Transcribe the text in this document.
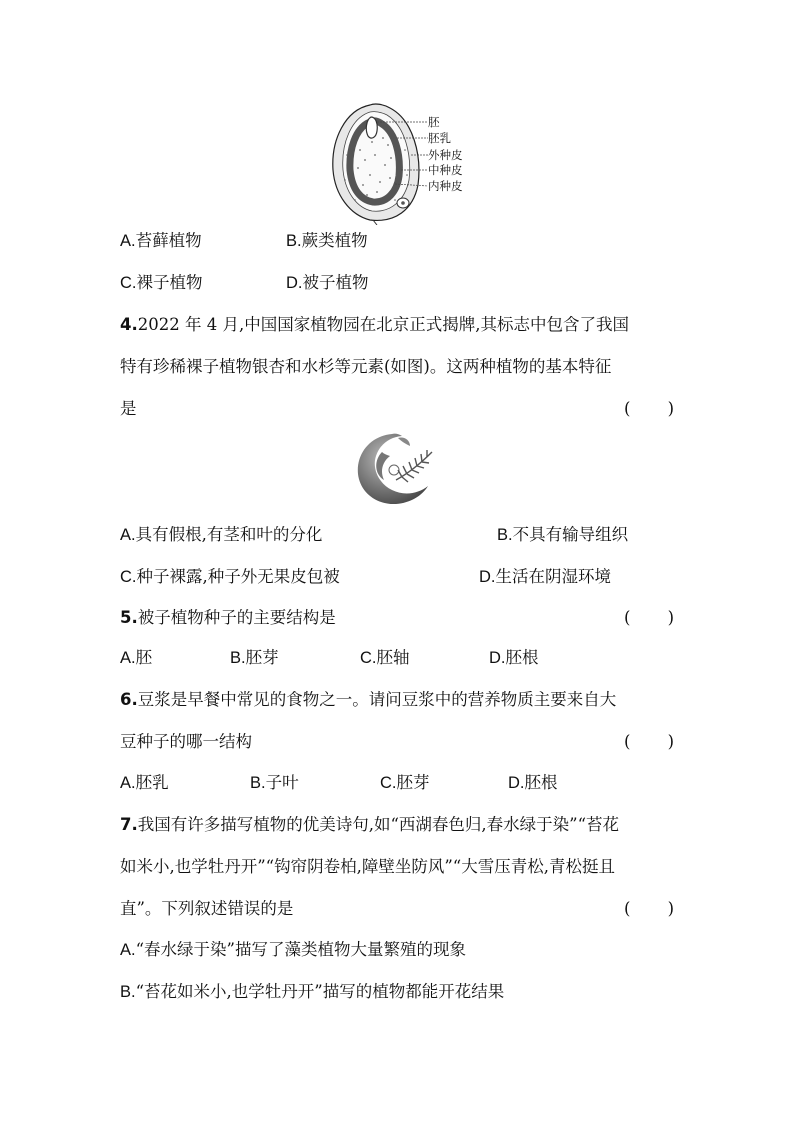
胚
胚乳
外种皮
中种皮
内种皮
A.苔藓植物	B.蕨类植物
C.裸子植物	D.被子植物
4.2022 年 4 月,中国国家植物园在北京正式揭牌,其标志中包含了我国
特有珍稀裸子植物银杏和水杉等元素(如图)。这两种植物的基本特征
是	( )
A.具有假根,有茎和叶的分化	B.不具有输导组织
C.种子裸露,种子外无果皮包被	D.生活在阴湿环境
5.被子植物种子的主要结构是	( )
A.胚	B.胚芽	C.胚轴	D.胚根
6.豆浆是早餐中常见的食物之一。请问豆浆中的营养物质主要来自大
豆种子的哪一结构	( )
A.胚乳	B.子叶	C.胚芽	D.胚根
7.我国有许多描写植物的优美诗句,如“西湖春色归,春水绿于染”“苔花
如米小,也学牡丹开”“钩帘阴卷柏,障壁坐防风”“大雪压青松,青松挺且
直”。下列叙述错误的是	( )
A.“春水绿于染”描写了藻类植物大量繁殖的现象
B.“苔花如米小,也学牡丹开”描写的植物都能开花结果
